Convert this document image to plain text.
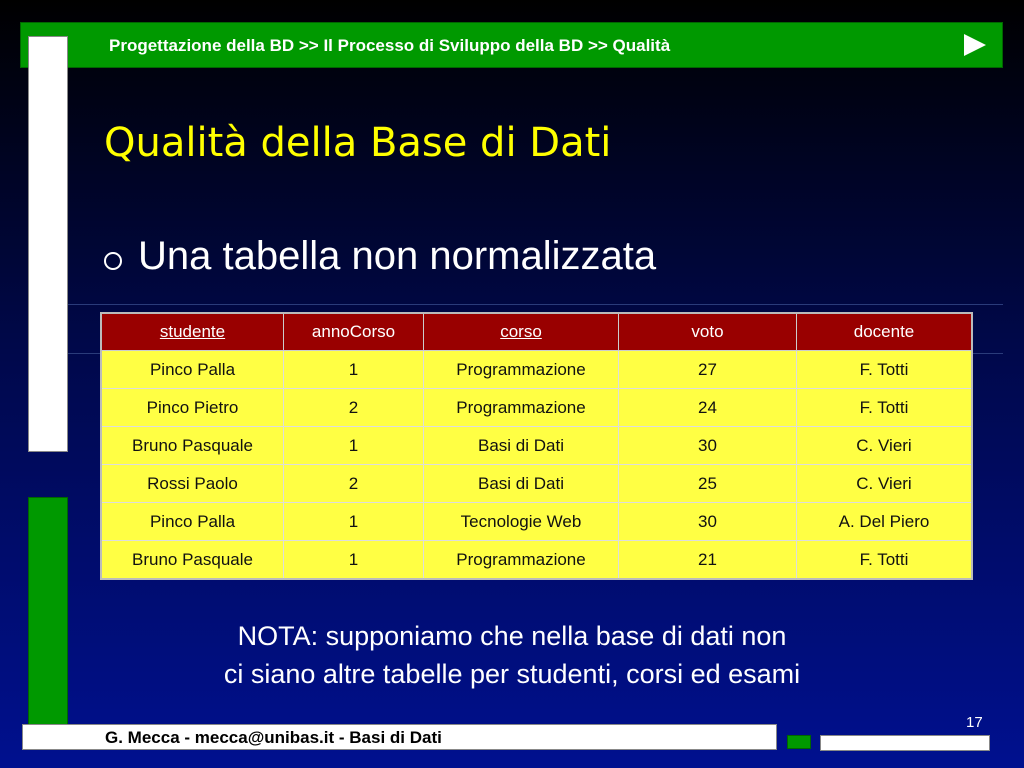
Progettazione della BD >> Il Processo di Sviluppo della BD >> Qualità
Qualità della Base di Dati
Una tabella non normalizzata
studente	annoCorso	corso	voto	docente
Pinco Palla	1	Programmazione	27	F. Totti
Pinco Pietro	2	Programmazione	24	F. Totti
Bruno Pasquale	1	Basi di Dati	30	C. Vieri
Rossi Paolo	2	Basi di Dati	25	C. Vieri
Pinco Palla	1	Tecnologie Web	30	A. Del Piero
Bruno Pasquale	1	Programmazione	21	F. Totti
NOTA: supponiamo che nella base di dati non
ci siano altre tabelle per studenti, corsi ed esami
17
G. Mecca - mecca@unibas.it - Basi di Dati
